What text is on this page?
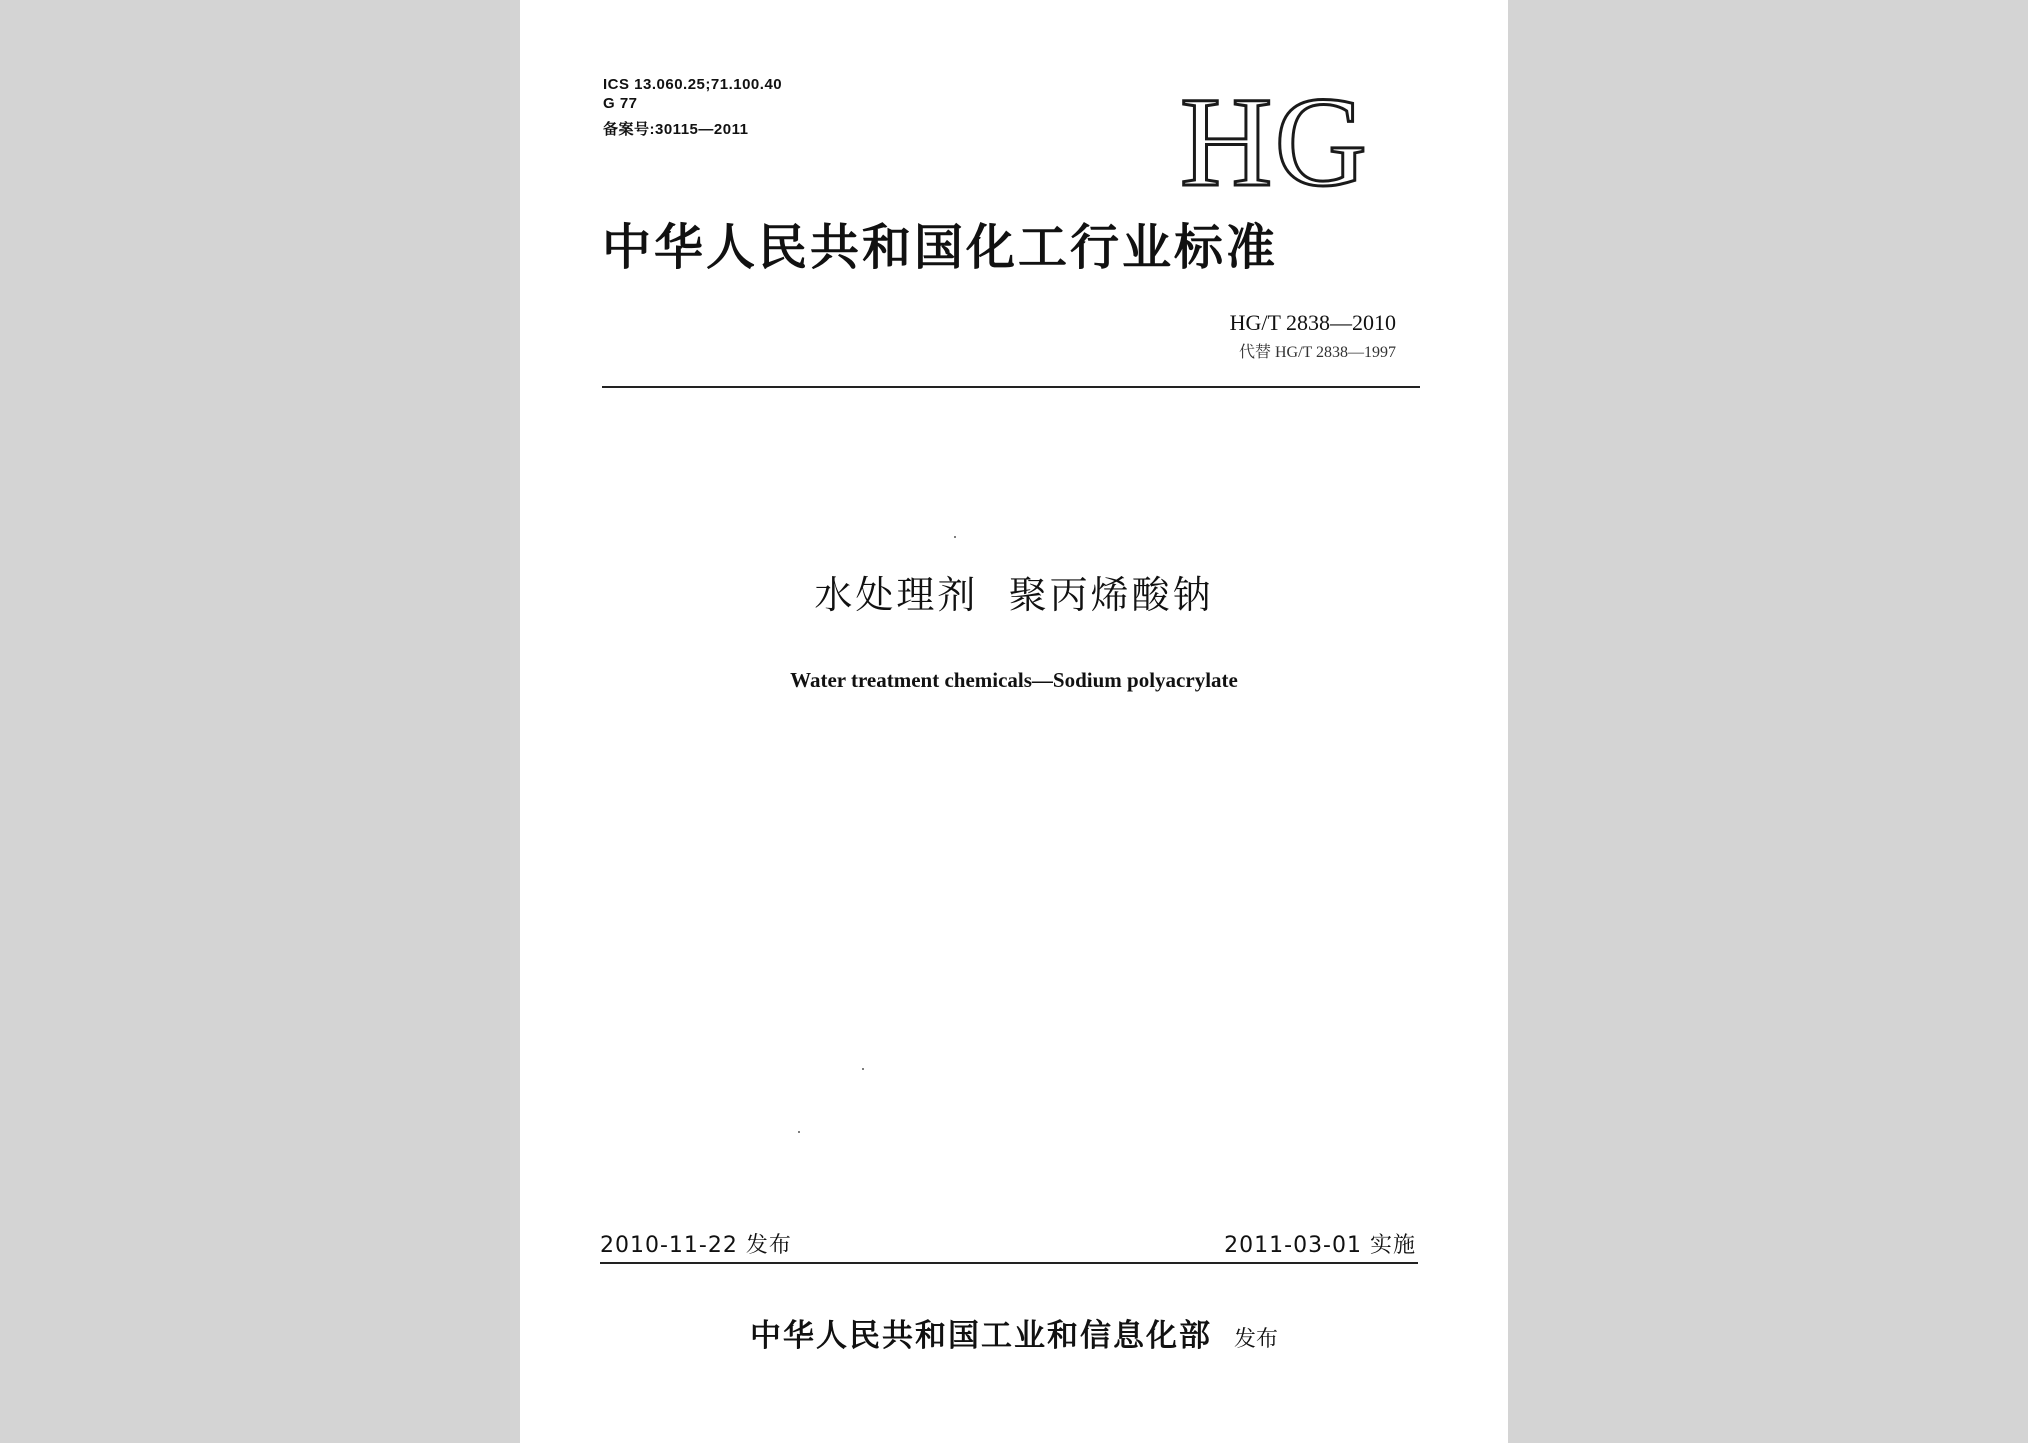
ICS 13.060.25;71.100.40
G 77
备案号:30115—2011	HG
中华人民共和国化工行业标准
HG/T 2838—2010
代替 HG/T 2838—1997
水处理剂  聚丙烯酸钠
Water treatment chemicals—Sodium polyacrylate
2010-11-22 发布	2011-03-01 实施
中华人民共和国工业和信息化部 发布
